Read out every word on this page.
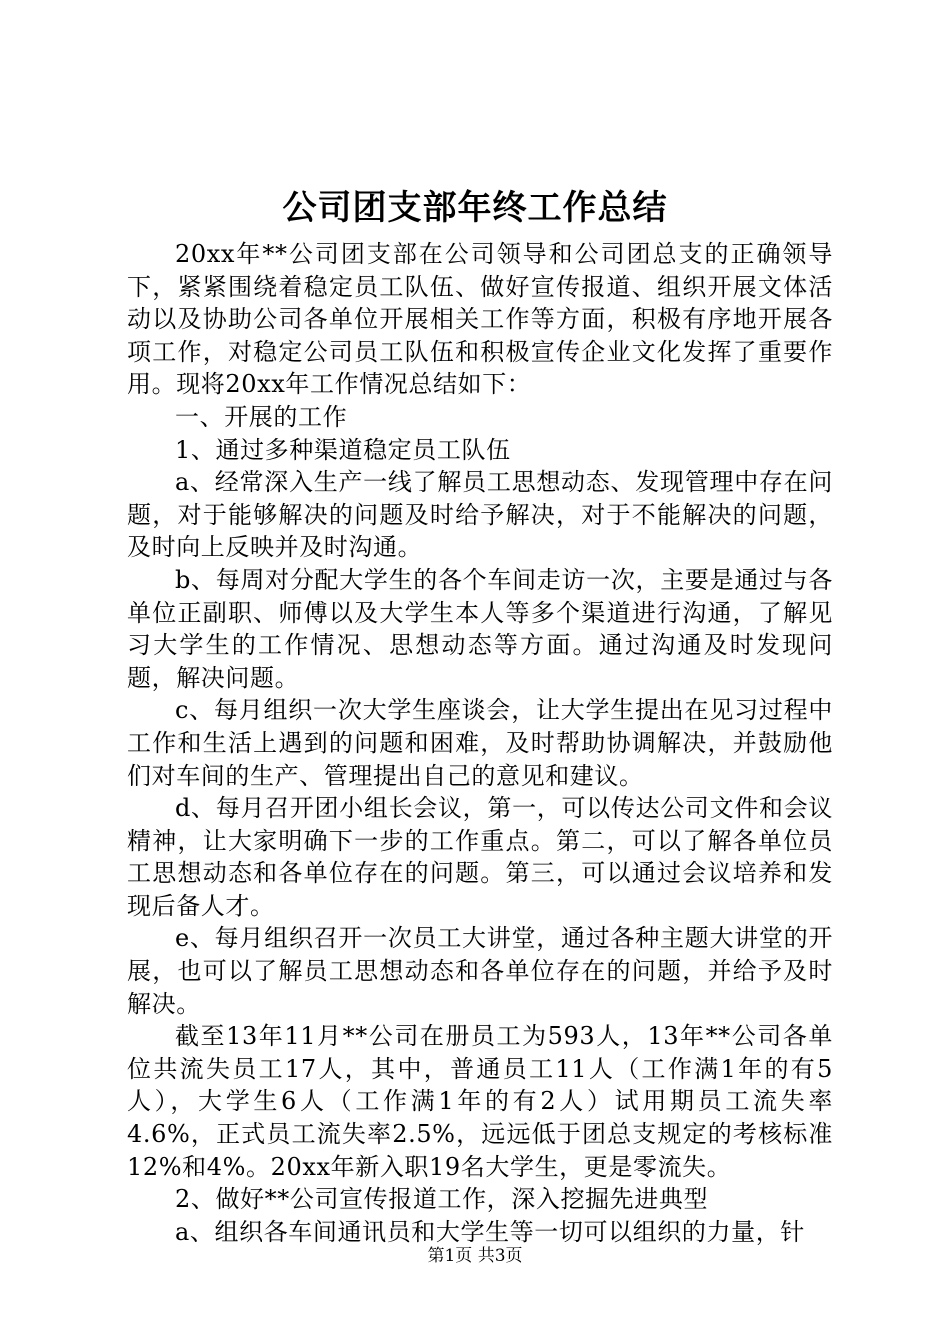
公司团支部年终工作总结

20xx年**公司团支部在公司领导和公司团总支的正确领导下，紧紧围绕着稳定员工队伍、做好宣传报道、组织开展文体活动以及协助公司各单位开展相关工作等方面，积极有序地开展各项工作，对稳定公司员工队伍和积极宣传企业文化发挥了重要作用。现将20xx年工作情况总结如下：

一、开展的工作

1、通过多种渠道稳定员工队伍

a、经常深入生产一线了解员工思想动态、发现管理中存在问题，对于能够解决的问题及时给予解决，对于不能解决的问题，及时向上反映并及时沟通。

b、每周对分配大学生的各个车间走访一次，主要是通过与各单位正副职、师傅以及大学生本人等多个渠道进行沟通，了解见习大学生的工作情况、思想动态等方面。通过沟通及时发现问题，解决问题。

c、每月组织一次大学生座谈会，让大学生提出在见习过程中工作和生活上遇到的问题和困难，及时帮助协调解决，并鼓励他们对车间的生产、管理提出自己的意见和建议。

d、每月召开团小组长会议，第一，可以传达公司文件和会议精神，让大家明确下一步的工作重点。第二，可以了解各单位员工思想动态和各单位存在的问题。第三，可以通过会议培养和发现后备人才。

e、每月组织召开一次员工大讲堂，通过各种主题大讲堂的开展，也可以了解员工思想动态和各单位存在的问题，并给予及时解决。

截至13年11月**公司在册员工为593人，13年**公司各单位共流失员工17人，其中，普通员工11人（工作满1年的有5人），大学生6人（工作满1年的有2人）试用期员工流失率4.6%，正式员工流失率2.5%，远远低于团总支规定的考核标准12%和4%。20xx年新入职19名大学生，更是零流失。

2、做好**公司宣传报道工作，深入挖掘先进典型

a、组织各车间通讯员和大学生等一切可以组织的力量，针

第1页 共3页
